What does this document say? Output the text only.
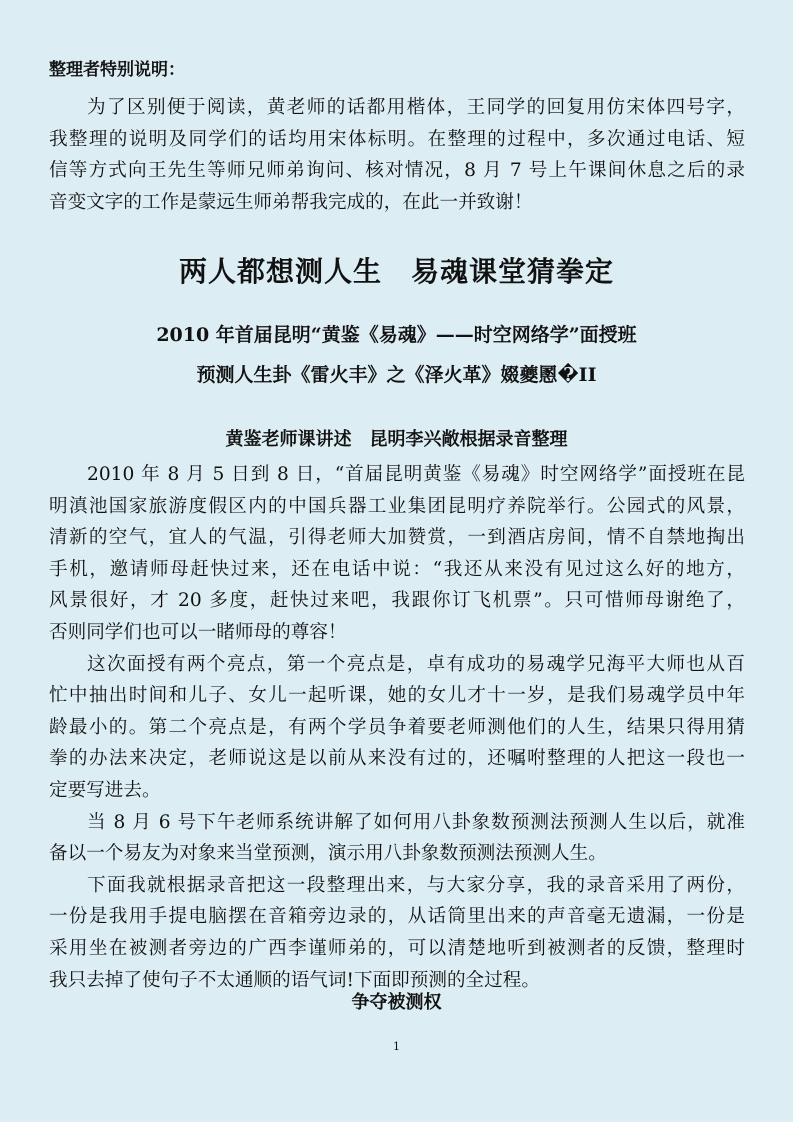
整理者特别说明：
为了区别便于阅读，黄老师的话都用楷体，王同学的回复用仿宋体四号字，
我整理的说明及同学们的话均用宋体标明。在整理的过程中，多次通过电话、短
信等方式向王先生等师兄师弟询问、核对情况，8 月 7 号上午课间休息之后的录
音变文字的工作是蒙远生师弟帮我完成的，在此一并致谢！
两人都想测人生　易魂课堂猜拳定
2010 年首届昆明“黄鉴《易魂》——时空网络学”面授班
预测人生卦《雷火丰》之《泽火革》娺夔慁�II
黄鉴老师课讲述　昆明李兴敞根据录音整理
2010 年 8 月 5 日到 8 日，“首届昆明黄鉴《易魂》时空网络学”面授班在昆
明滇池国家旅游度假区内的中国兵器工业集团昆明疗养院举行。公园式的风景，
清新的空气，宜人的气温，引得老师大加赞赏，一到酒店房间，情不自禁地掏出
手机，邀请师母赶快过来，还在电话中说：“我还从来没有见过这么好的地方，
风景很好，才 20 多度，赶快过来吧，我跟你订飞机票”。只可惜师母谢绝了，
否则同学们也可以一睹师母的尊容！
这次面授有两个亮点，第一个亮点是，卓有成功的易魂学兄海平大师也从百
忙中抽出时间和儿子、女儿一起听课，她的女儿才十一岁，是我们易魂学员中年
龄最小的。第二个亮点是，有两个学员争着要老师测他们的人生，结果只得用猜
拳的办法来决定，老师说这是以前从来没有过的，还嘱咐整理的人把这一段也一
定要写进去。
当 8 月 6 号下午老师系统讲解了如何用八卦象数预测法预测人生以后，就准
备以一个易友为对象来当堂预测，演示用八卦象数预测法预测人生。
下面我就根据录音把这一段整理出来，与大家分享，我的录音采用了两份，
一份是我用手提电脑摆在音箱旁边录的，从话筒里出来的声音毫无遗漏，一份是
采用坐在被测者旁边的广西李谨师弟的，可以清楚地听到被测者的反馈，整理时
我只去掉了使句子不太通顺的语气词!下面即预测的全过程。
争夺被测权
1
